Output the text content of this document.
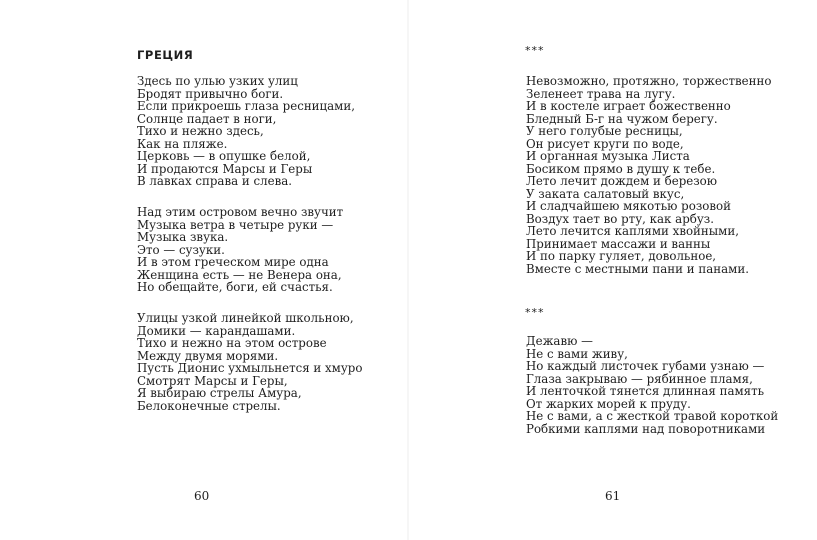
ГРЕЦИЯ
Здесь по улью узких улиц
Бродят привычно боги.
Если прикроешь глаза ресницами,
Солнце падает в ноги,
Тихо и нежно здесь,
Как на пляже.
Церковь — в опушке белой,
И продаются Марсы и Геры
В лавках справа и слева.
Над этим островом вечно звучит
Музыка ветра в четыре руки —
Музыка звука.
Это — сузуки.
И в этом греческом мире одна
Женщина есть — не Венера она,
Но обещайте, боги, ей счастья.
Улицы узкой линейкой школьною,
Домики — карандашами.
Тихо и нежно на этом острове
Между двумя морями.
Пусть Дионис ухмыльнется и хмуро
Смотрят Марсы и Геры,
Я выбираю стрелы Амура,
Белоконечные стрелы.
60

***

Невозможно, протяжно, торжественно
Зеленеет трава на лугу.
И в костеле играет божественно
Бледный Б-г на чужом берегу.
У него голубые ресницы,
Он рисует круги по воде,
И органная музыка Листа
Босиком прямо в душу к тебе.
Лето лечит дождем и березою
У заката салатовый вкус,
И сладчайшею мякотью розовой
Воздух тает во рту, как арбуз.
Лето лечится каплями хвойными,
Принимает массажи и ванны
И по парку гуляет, довольное,
Вместе с местными пани и панами.

***

Дежавю —
Не с вами живу,
Но каждый листочек губами узнаю —
Глаза закрываю — рябинное пламя,
И ленточкой тянется длинная память
От жарких морей к пруду.
Не с вами, а с жесткой травой короткой
Робкими каплями над поворотниками
61
